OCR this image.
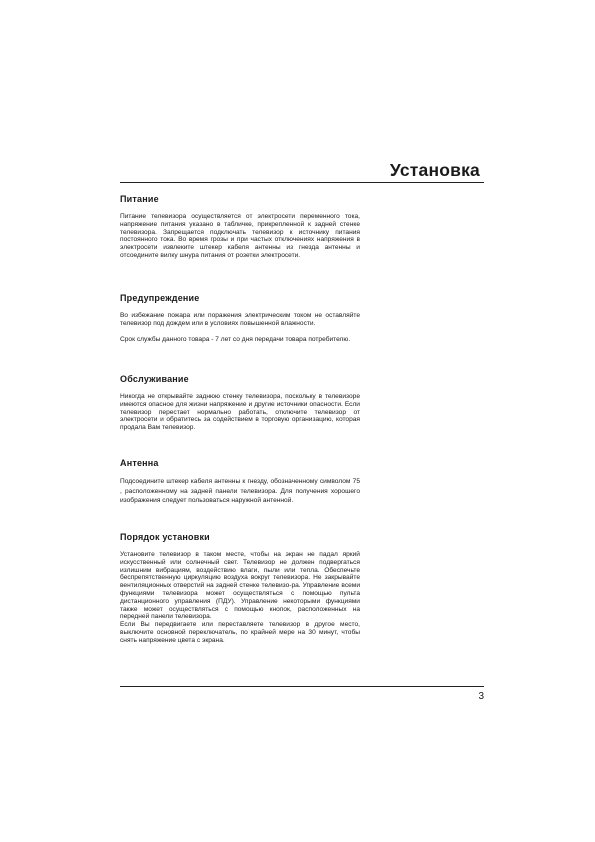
Установка
Питание

Питание телевизора осуществляется от электросети переменного тока, напряжение питания указано в табличке, прикрепленной к задней стенке телевизора. Запрещается подключать телевизор к источнику питания постоянного тока. Во время грозы и при частых отключениях напряжения в электросети извлеките штекер кабеля антенны из гнезда антенны и отсоедините вилку шнура питания от розетки электросети.

Предупреждение

Во избежание пожара или поражения электрическим током не оставляйте телевизор под дождем или в условиях повышенной влажности.

Срок службы данного товара - 7 лет со дня передачи товара потребителю.

Обслуживание

Никогда не открывайте заднюю стенку телевизора, поскольку в телевизоре имеются опасное для жизни напряжение и другие источники опасности. Если телевизор перестает нормально работать, отключите телевизор от электросети и обратитесь за содействием в торговую организацию, которая продала Вам телевизор.

Антенна

Подсоедините штекер кабеля антенны к гнезду, обозначенному символом 75 , расположенному на задней панели телевизора. Для получения хорошего изображения следует пользоваться наружной антенной.

Порядок установки

Установите телевизор в таком месте, чтобы на экран не падал яркий искусственный или солнечный свет. Телевизор не должен подвергаться излишним вибрациям, воздействию влаги, пыли или тепла. Обеспечьте беспрепятственную циркуляцию воздуха вокруг телевизора. Не закрывайте вентиляционных отверстий на задней стенке телевизо-ра. Управление всеми функциями телевизора может осуществляться с помощью пульта дистанционного управления (ПДУ). Управление некоторыми функциями также может осуществляться с помощью кнопок, расположенных на передней панели телевизора.

Если Вы передвигаете или переставляете телевизор в другое место, выключите основной переключатель, по крайней мере на 30 минут, чтобы снять напряжение цвета с экрана.

3
